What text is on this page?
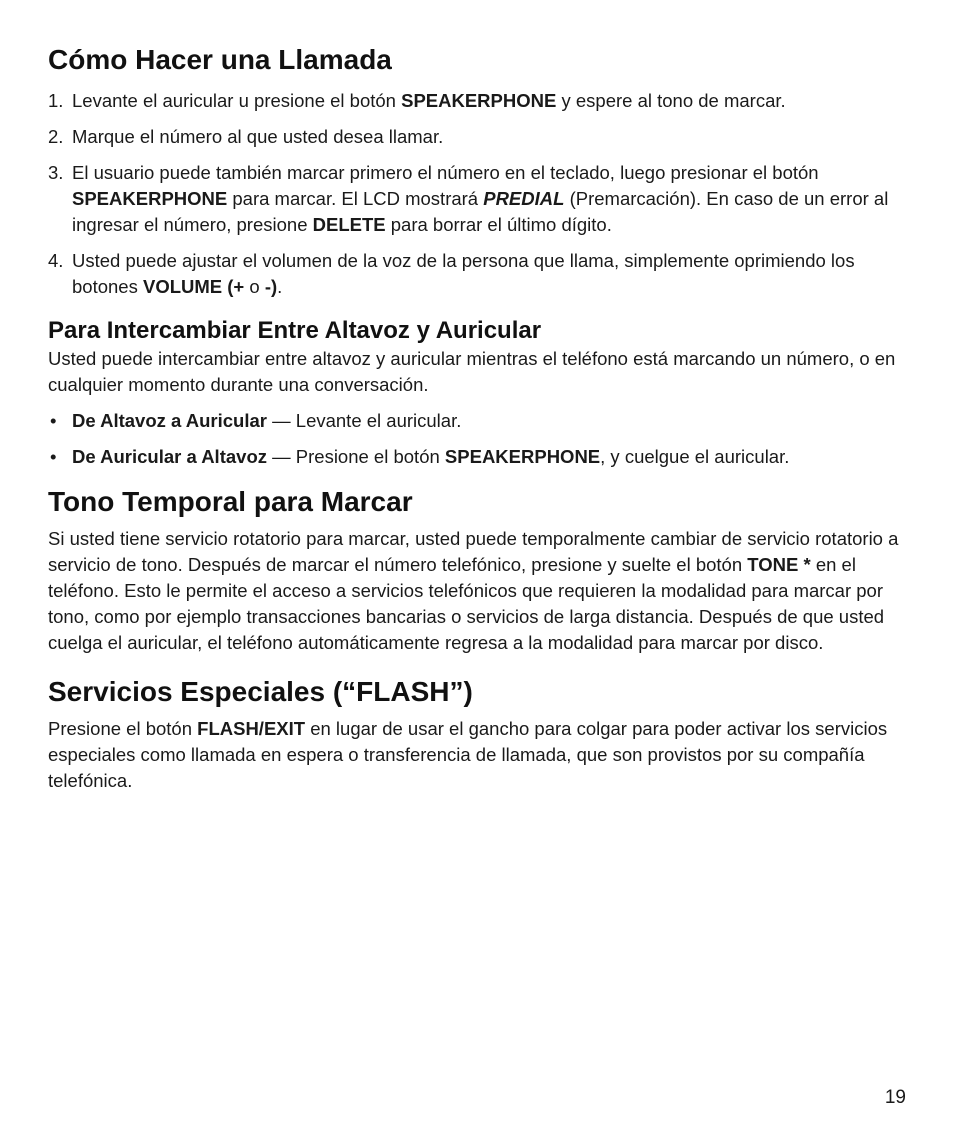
Cómo Hacer una Llamada
1. Levante el auricular u presione el botón SPEAKERPHONE y espere al tono de marcar.
2. Marque el número al que usted desea llamar.
3. El usuario puede también marcar primero el número en el teclado, luego presionar el botón SPEAKERPHONE para marcar. El LCD mostrará PREDIAL (Premarcación). En caso de un error al ingresar el número, presione DELETE para borrar el último dígito.
4. Usted puede ajustar el volumen de la voz de la persona que llama, simplemente oprimiendo los botones VOLUME (+ o -).
Para Intercambiar Entre Altavoz y Auricular

Usted puede intercambiar entre altavoz y auricular mientras el teléfono está marcando un número, o en cualquier momento durante una conversación.

• De Altavoz a Auricular — Levante el auricular.
• De Auricular a Altavoz — Presione el botón SPEAKERPHONE, y cuelgue el auricular.
Tono Temporal para Marcar

Si usted tiene servicio rotatorio para marcar, usted puede temporalmente cambiar de servicio rotatorio a servicio de tono. Después de marcar el número telefónico, presione y suelte el botón TONE * en el teléfono. Esto le permite el acceso a servicios telefónicos que requieren la modalidad para marcar por tono, como por ejemplo transacciones bancarias o servicios de larga distancia. Después de que usted cuelga el auricular, el teléfono automáticamente regresa a la modalidad para marcar por disco.

Servicios Especiales (“FLASH”)

Presione el botón FLASH/EXIT en lugar de usar el gancho para colgar para poder activar los servicios especiales como llamada en espera o transferencia de llamada, que son provistos por su compañía telefónica.

19
